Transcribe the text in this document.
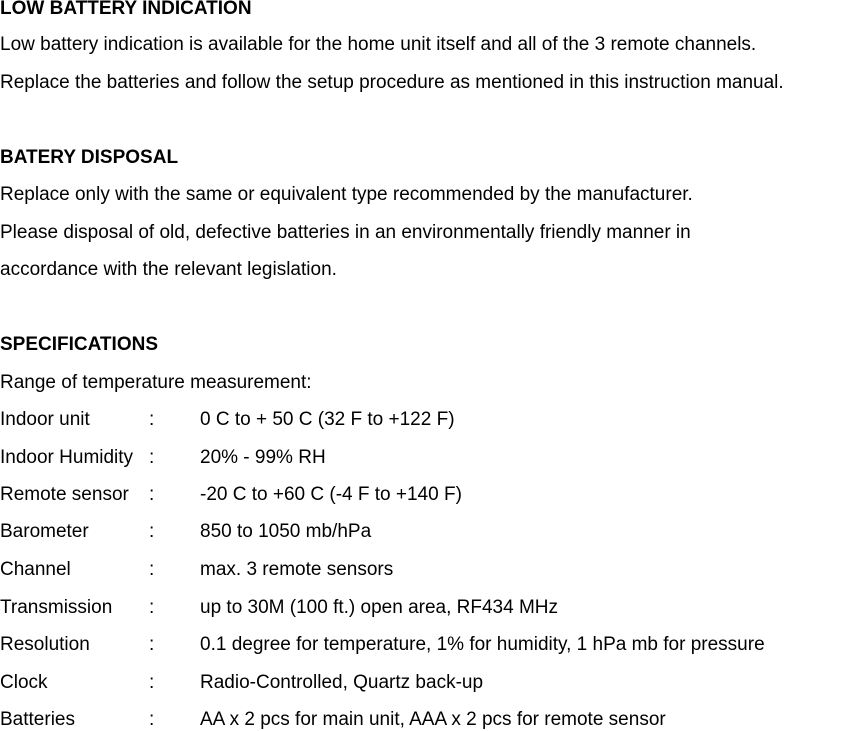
LOW BATTERY INDICATION
Low battery indication is available for the home unit itself and all of the 3 remote channels.
Replace the batteries and follow the setup procedure as mentioned in this instruction manual.
BATERY DISPOSAL
Replace only with the same or equivalent type recommended by the manufacturer.
Please disposal of old, defective batteries in an environmentally friendly manner in
accordance with the relevant legislation.
SPECIFICATIONS
Range of temperature measurement:
Indoor unit	: 0 C to + 50 C (32 F to +122 F)
Indoor Humidity : 20% - 99% RH
Remote sensor : -20 C to +60 C (-4 F to +140 F)
Barometer	: 850 to 1050 mb/hPa
Channel	: max. 3 remote sensors
Transmission : up to 30M (100 ft.) open area, RF434 MHz
Resolution	: 0.1 degree for temperature, 1% for humidity, 1 hPa mb for pressure
Clock	: Radio-Controlled, Quartz back-up
Batteries	: AA x 2 pcs for main unit, AAA x 2 pcs for remote sensor
